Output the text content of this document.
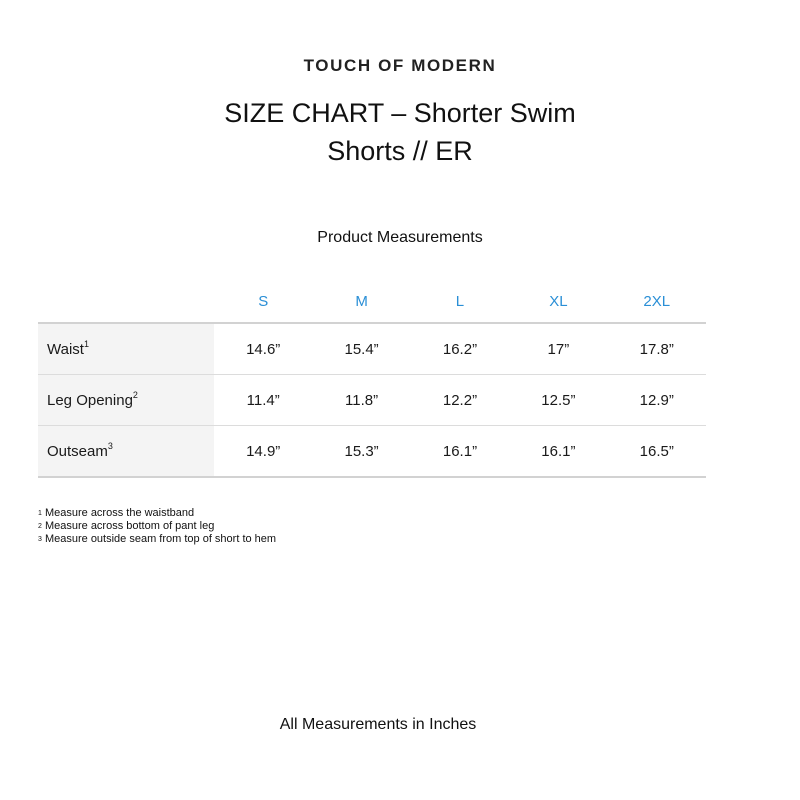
TOUCH OF MODERN
SIZE CHART – Shorter Swim
Shorts // ER
Product Measurements
	S	M	L	XL	2XL
Waist$^1$	14.6”	15.4”	16.2”	17”	17.8”
Leg Opening$^2$	11.4”	11.8”	12.2”	12.5”	12.9”
Outseam$^3$	14.9”	15.3”	16.1”	16.1”	16.5”
$^1$ Measure across the waistband
$^2$ Measure across bottom of pant leg
$^3$ Measure outside seam from top of short to hem
All Measurements in Inches
